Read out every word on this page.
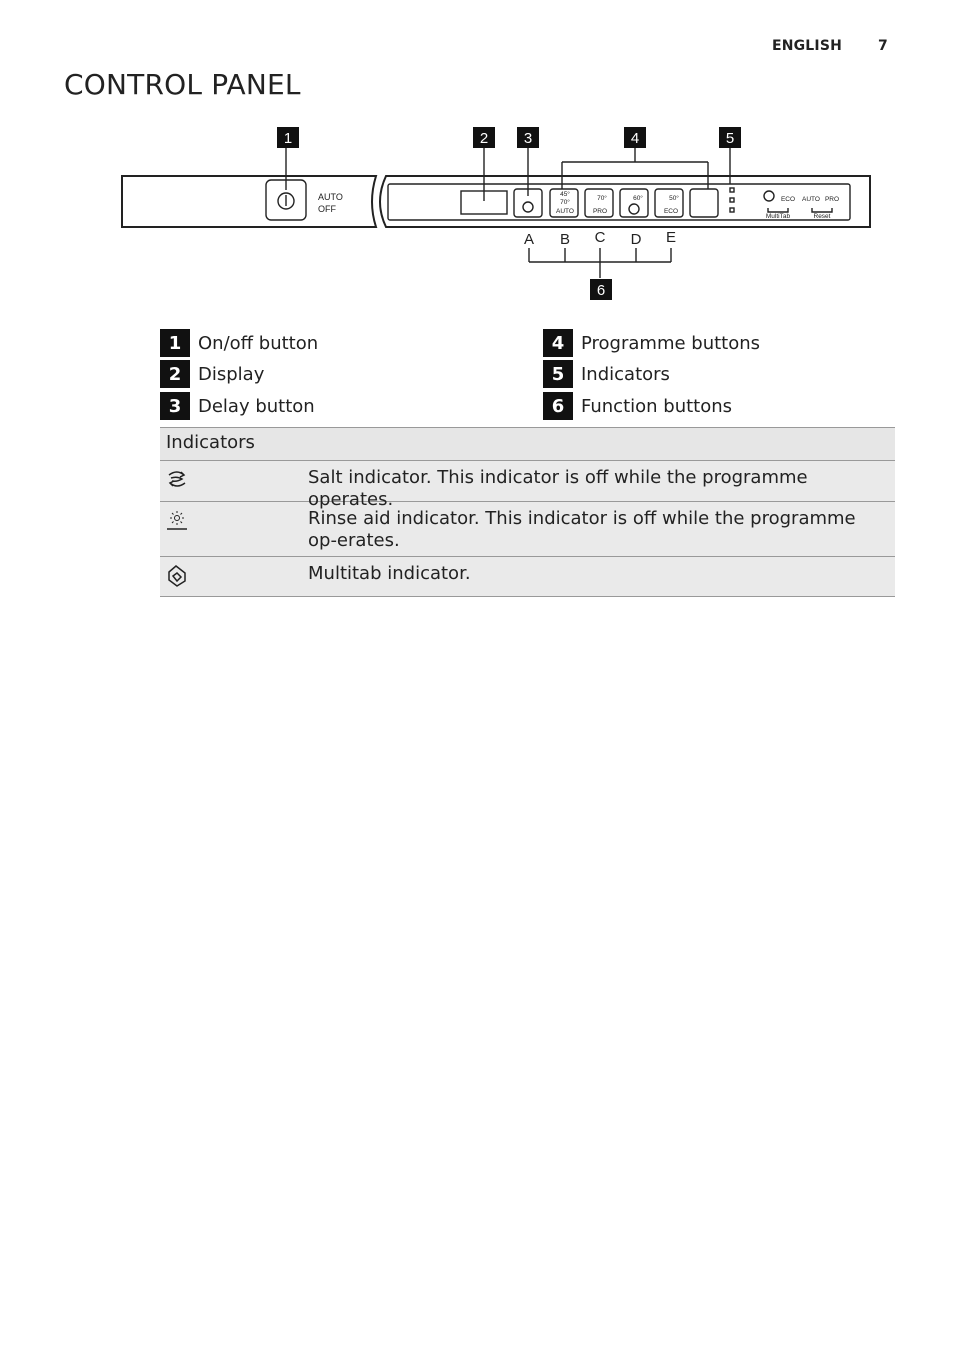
ENGLISH	7
CONTROL PANEL
1	2 3	4	5
6
AUTO
OFF
45°
70°
AUTO
70°
PRO
60°	50°
ECO
ECO AUTO PRO
MultiTab	Reset
A B C D E
1 On/off button
2 Display
3 Delay button
4 Programme buttons
5 Indicators
6 Function buttons
Indicators
Salt indicator. This indicator is off while the programme operates.
Rinse aid indicator. This indicator is off while the programme op-erates.
Multitab indicator.
